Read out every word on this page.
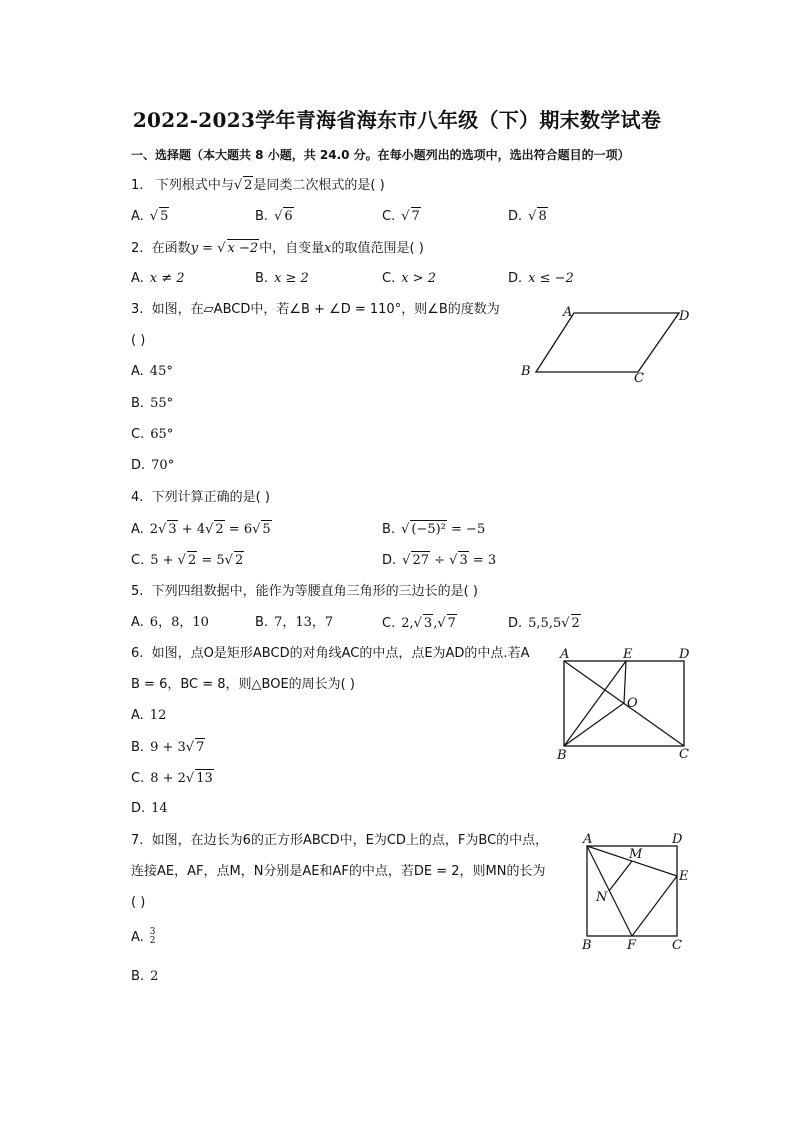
2022-2023学年青海省海东市八年级（下）期末数学试卷
一、选择题（本大题共 8 小题，共 24.0 分。在每小题列出的选项中，选出符合题目的一项）
1. 下列根式中与√ 2是同类二次根式的是( )
A. √ 5	B. √ 6	C. √ 7	D. √ 8
2. 在函数y = √ x −2中，自变量x的取值范围是( )
A. x ≠ 2	B. x ≥ 2	C. x > 2	D. x ≤ −2
3. 如图，在▱ABCD中，若∠B + ∠D = 110°，则∠B的度数为
( )
A. 45°
B. 55°
C. 65°
D. 70°
A	D
B	C
4. 下列计算正确的是( )
A. 2√ 3 + 4√ 2 = 6√ 5	B. √ (−5)² = −5
C. 5 + √ 2 = 5√ 2	D. √ 27 ÷ √ 3 = 3
5. 下列四组数据中，能作为等腰直角三角形的三边长的是( )
A. 6，8，10	B. 7，13，7	C. 2,√ 3,√ 7	D. 5,5,5√ 2
6. 如图，点O是矩形ABCD的对角线AC的中点，点E为AD的中点.若A
B = 6，BC = 8，则△BOE的周长为( )
A. 12
B. 9 + 3√ 7
C. 8 + 2√ 13
D. 14
A	E	D
O
B	C
7. 如图，在边长为6的正方形ABCD中，E为CD上的点，F为BC的中点，
连接AE，AF，点M，N分别是AE和AF的中点，若DE = 2，则MN的长为
( )
A. 3
2
B. 2
A	D
M
E
N
B	F	C
